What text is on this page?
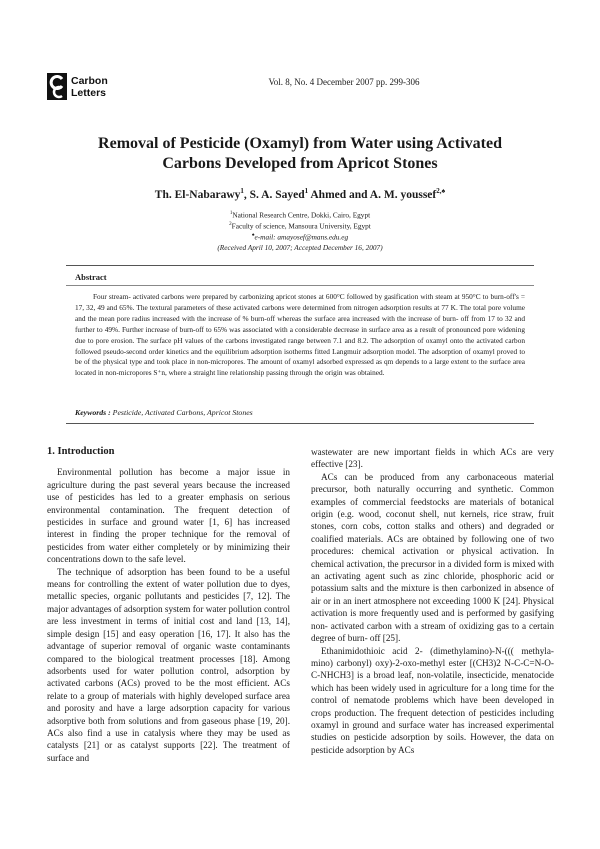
Carbon
Letters
Vol. 8, No. 4 December 2007 pp. 299-306
Removal of Pesticide (Oxamyl) from Water using Activated
Carbons Developed from Apricot Stones
Th. El-Nabarawy$^1$, S. A. Sayed$^1$ Ahmed and A. M. youssef$^{2,♠}$
$^1$National Research Centre, Dokki, Cairo, Egypt
$^2$Faculty of science, Mansoura University, Egypt
♠e-mail: amayosef@mans.edu.eg
(Received April 10, 2007; Accepted December 16, 2007)
Abstract
Four stream- activated carbons were prepared by carbonizing apricot stones at 600°C followed by gasification with steam at 950°C to burn-off's = 17, 32, 49 and 65%. The textural parameters of these activated carbons were determined from nitrogen adsorption results at 77 K. The total pore volume and the mean pore radius increased with the increase of % burn-off whereas the surface area increased with the increase of burn- off from 17 to 32 and further to 49%. Further increase of burn-off to 65% was associated with a considerable decrease in surface area as a result of pronounced pore widening due to pore erosion. The surface pH values of the carbons investigated range between 7.1 and 8.2. The adsorption of oxamyl onto the activated carbon followed pseudo-second order kinetics and the equilibrium adsorption isotherms fitted Langmuir adsorption model. The adsorption of oxamyl proved to be of the physical type and took place in non-micropores. The amount of oxamyl adsorbed expressed as qm depends to a large extent to the surface area located in non-micropores S⁺n, where a straight line relationship passing through the origin was obtained.
Keywords : Pesticide, Activated Carbons, Apricot Stones
1. Introduction

Environmental pollution has become a major issue in agriculture during the past several years because the increased use of pesticides has led to a greater emphasis on serious environmental contamination. The frequent detection of pesticides in surface and ground water [1, 6] has increased interest in finding the proper technique for the removal of pesticides from water either completely or by minimizing their concentrations down to the safe level.

The technique of adsorption has been found to be a useful means for controlling the extent of water pollution due to dyes, metallic species, organic pollutants and pesticides [7, 12]. The major advantages of adsorption system for water pollution control are less investment in terms of initial cost and land [13, 14], simple design [15] and easy operation [16, 17]. It also has the advantage of superior removal of organic waste contaminants compared to the biological treatment processes [18]. Among adsorbents used for water pollution control, adsorption by activated carbons (ACs) proved to be the most efficient. ACs relate to a group of materials with highly developed surface area and porosity and have a large adsorption capacity for various adsorptive both from solutions and from gaseous phase [19, 20]. ACs also find a use in catalysis where they may be used as catalysts [21] or as catalyst supports [22]. The treatment of surface and

wastewater are new important fields in which ACs are very effective [23].

ACs can be produced from any carbonaceous material precursor, both naturally occurring and synthetic. Common examples of commercial feedstocks are materials of botanical origin (e.g. wood, coconut shell, nut kernels, rice straw, fruit stones, corn cobs, cotton stalks and others) and degraded or coalified materials. ACs are obtained by following one of two procedures: chemical activation or physical activation. In chemical activation, the precursor in a divided form is mixed with an activating agent such as zinc chloride, phosphoric acid or potassium salts and the mixture is then carbonized in absence of air or in an inert atmosphere not exceeding 1000 K [24]. Physical activation is more frequently used and is performed by gasifying non- activated carbon with a stream of oxidizing gas to a certain degree of burn- off [25].

Ethanimidothioic acid 2- (dimethylamino)-N-((( methyla-mino) carbonyl) oxy)-2-oxo-methyl ester [(CH3)2 N-C-C=N-O-C-NHCH3] is a broad leaf, non-volatile, insecticide, menatocide which has been widely used in agriculture for a long time for the control of nematode problems which have been developed in crops production. The frequent detection of pesticides including oxamyl in ground and surface water has increased experimental studies on pesticide adsorption by soils. However, the data on pesticide adsorption by ACs
